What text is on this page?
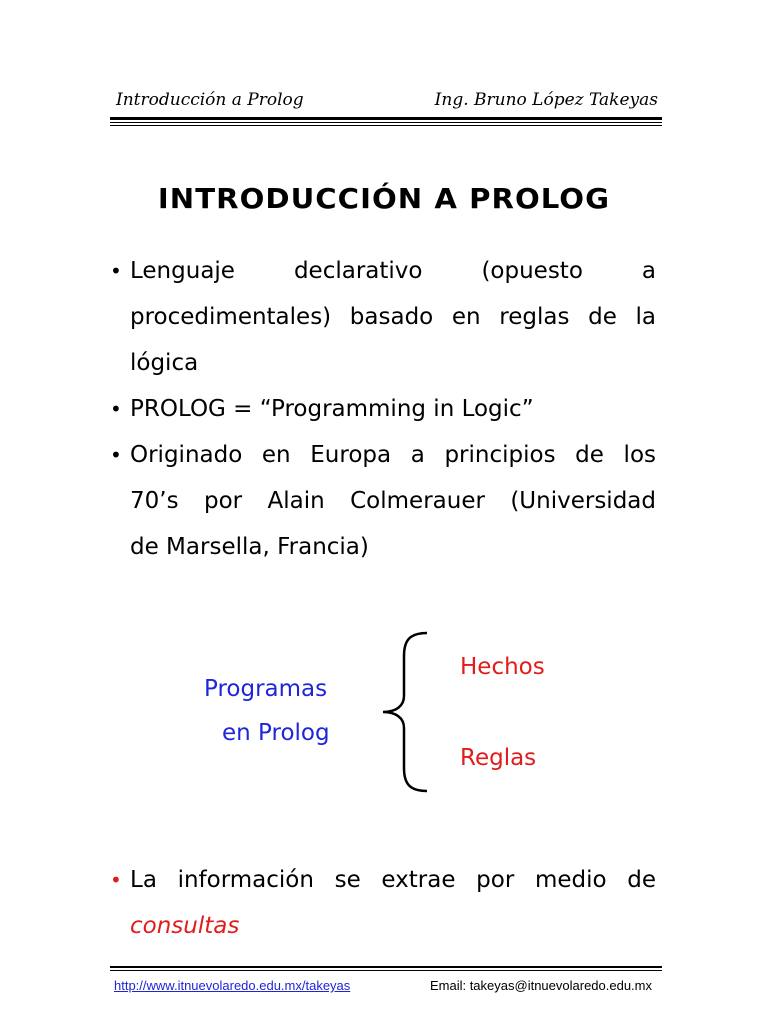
Introducción a Prolog	Ing. Bruno López Takeyas
INTRODUCCIÓN A PROLOG
• Lenguaje	declarativo	(opuesto	a
procedimentales) basado en reglas de la
lógica
• PROLOG = “Programming in Logic”
• Originado en Europa a principios de los
70’s por Alain Colmerauer (Universidad
de Marsella, Francia)
Programas
en Prolog
Hechos
Reglas
• La información se extrae por medio de
consultas
http://www.itnuevolaredo.edu.mx/takeyas	Email: takeyas@itnuevolaredo.edu.mx
